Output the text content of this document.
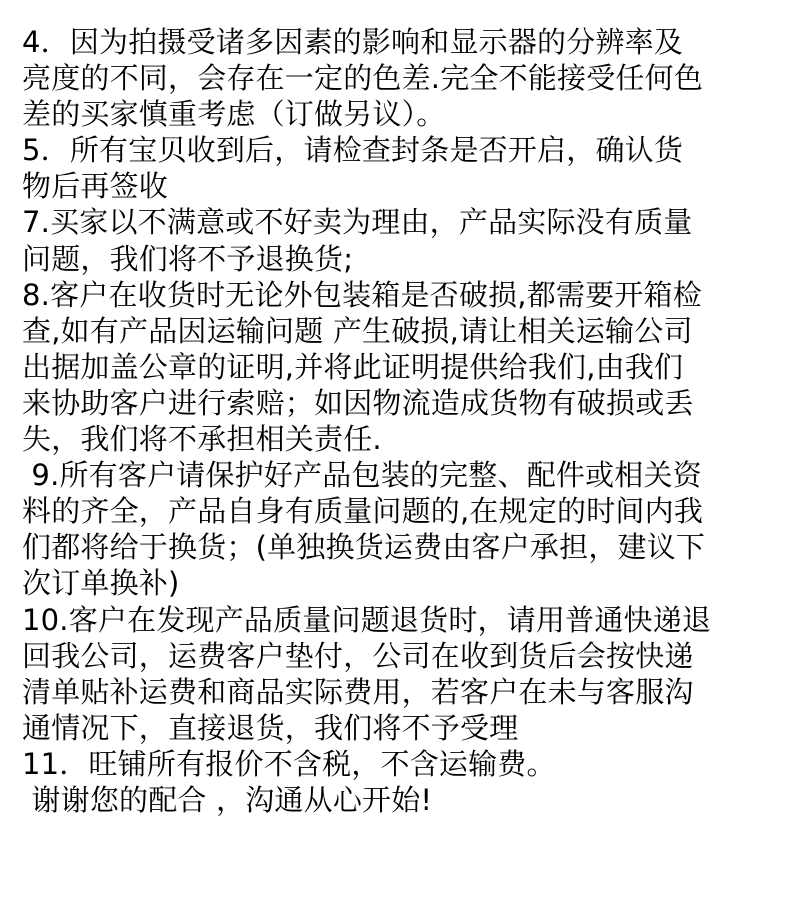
4．因为拍摄受诸多因素的影响和显示器的分辨率及
亮度的不同，会存在一定的色差.完全不能接受任何色
差的买家慎重考虑（订做另议）。
5．所有宝贝收到后，请检查封条是否开启，确认货
物后再签收
7.买家以不满意或不好卖为理由，产品实际没有质量
问题，我们将不予退换货;
8.客户在收货时无论外包装箱是否破损,都需要开箱检
查,如有产品因运输问题 产生破损,请让相关运输公司
出据加盖公章的证明,并将此证明提供给我们,由我们
来协助客户进行索赔；如因物流造成货物有破损或丢
失，我们将不承担相关责任.
9.所有客户请保护好产品包装的完整、配件或相关资
料的齐全，产品自身有质量问题的,在规定的时间内我
们都将给于换货；(单独换货运费由客户承担，建议下
次订单换补)
10.客户在发现产品质量问题退货时，请用普通快递退
回我公司，运费客户垫付，公司在收到货后会按快递
清单贴补运费和商品实际费用，若客户在未与客服沟
通情况下，直接退货，我们将不予受理
11．旺铺所有报价不含税，不含运输费。
谢谢您的配合 ，沟通从心开始!
